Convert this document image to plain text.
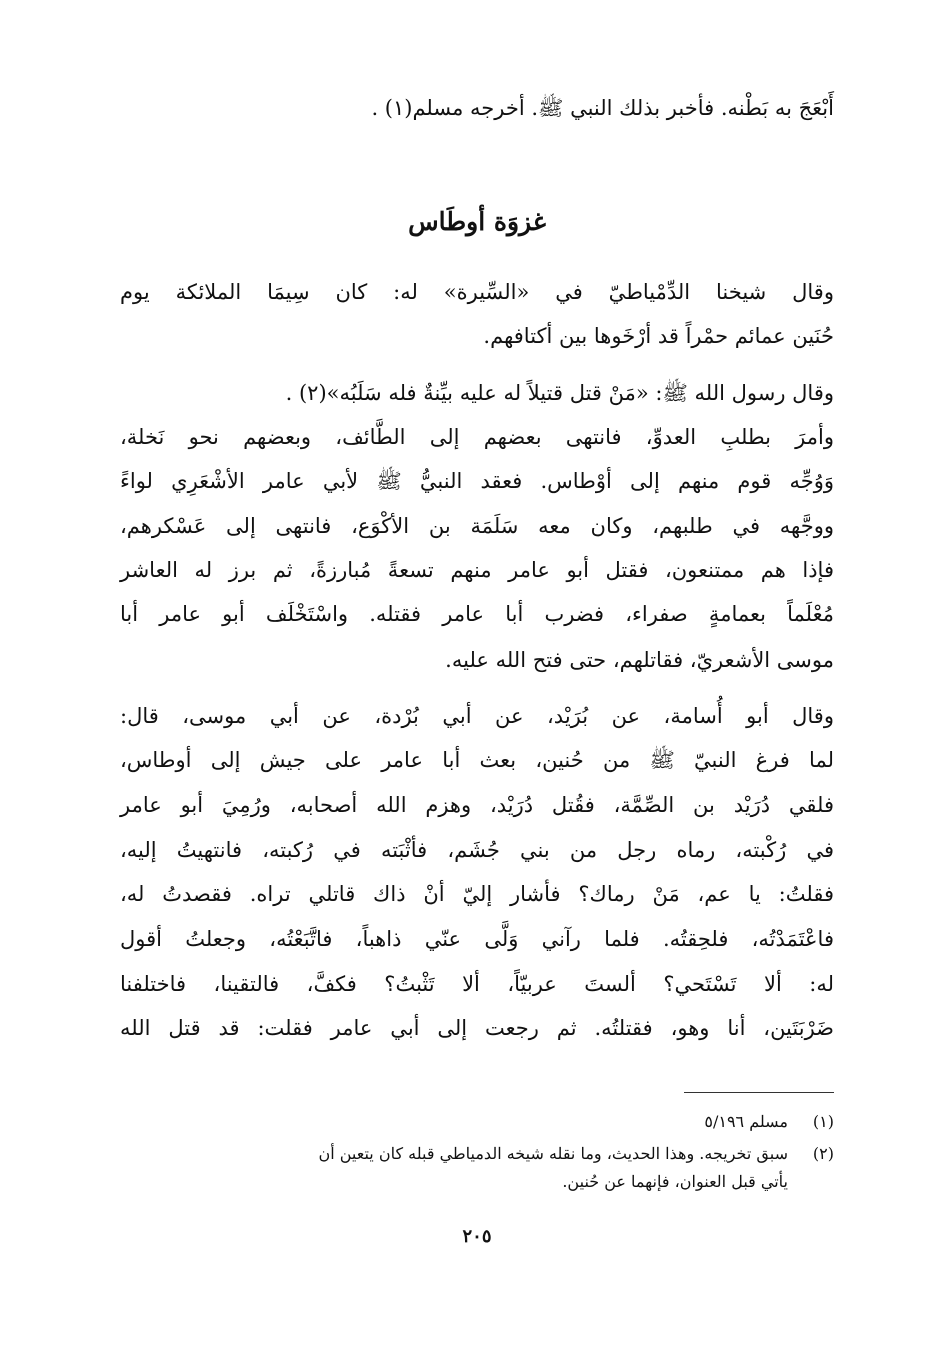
أَبْعَجَ به بَطْنه. فأخبر بذلك النبي ﷺ. أخرجه مسلم(١) .
غزوَة أوطَاس
وقال شيخنا الدِّمْياطيّ في «السِّيرة» له: كان سِيمَا الملائكة يوم
حُنَين عمائم حمْراً قد أرْخَوها بين أكتافهم.
وقال رسول الله ﷺ: «مَنْ قتل قتيلاً له عليه بيِّنةٌ فله سَلَبُه»(٢) .
وأمرَ بطلبِ العدوِّ، فانتهى بعضهم إلى الطَّائف، وبعضهم نحو نَخلة،
وَوُجِّه قوم منهم إلى أوْطاس. فعقد النبيُّ ﷺ لأبي عامر الأشْعَرِي لواءً
ووجَّهه في طلبهم، وكان معه سَلَمَة بن الأكْوَع، فانتهى إلى عَسْكرهم،
فإذا هم ممتنعون، فقتل أبو عامر منهم تسعةً مُبارزةً، ثم برز له العاشر
مُعْلَماً بعمامةٍ صفراء، فضرب أبا عامر فقتله. واسْتَخْلَف أبو عامر أبا
موسى الأشعريّ، فقاتلهم، حتى فتح الله عليه.
وقال أبو أُسامة، عن بُرَيْد، عن أبي بُرْدة، عن أبي موسى، قال:
لما فرغ النبيّ ﷺ من حُنين، بعث أبا عامر على جيش إلى أوطاس،
فلقي دُرَيْد بن الصِّمَّة، فقُتل دُرَيْد، وهزم الله أصحابه، ورُمِيَ أبو عامر
في رُكْبته، رماه رجل من بني جُشَم، فأثْبَته في رُكبته، فانتهيتُ إليه،
فقلتُ: يا عم، مَنْ رماك؟ فأشار إليّ أنْ ذاك قاتلي تراه. فقصدتُ له،
فاعْتَمَدْتُه، فلحِقتُه. فلما رآني وَلَّى عنّي ذاهباً، فاتَّبَعْتُه، وجعلتُ أقول
له: ألا تَسْتَحي؟ ألستَ عربيّاً، ألا تَثْبتُ؟ فكفَّ، فالتقينا، فاختلفنا
ضَرْبَتَين، أنا وهو، فقتلتُه. ثم رجعت إلى أبي عامر فقلت: قد قتل الله
(١)مسلم ٥/١٩٦
(٢)سبق تخريجه. وهذا الحديث، وما نقله شيخه الدمياطي قبله كان يتعين أن
يأتي قبل العنوان، فإنهما عن حُنين.
٢٠٥
